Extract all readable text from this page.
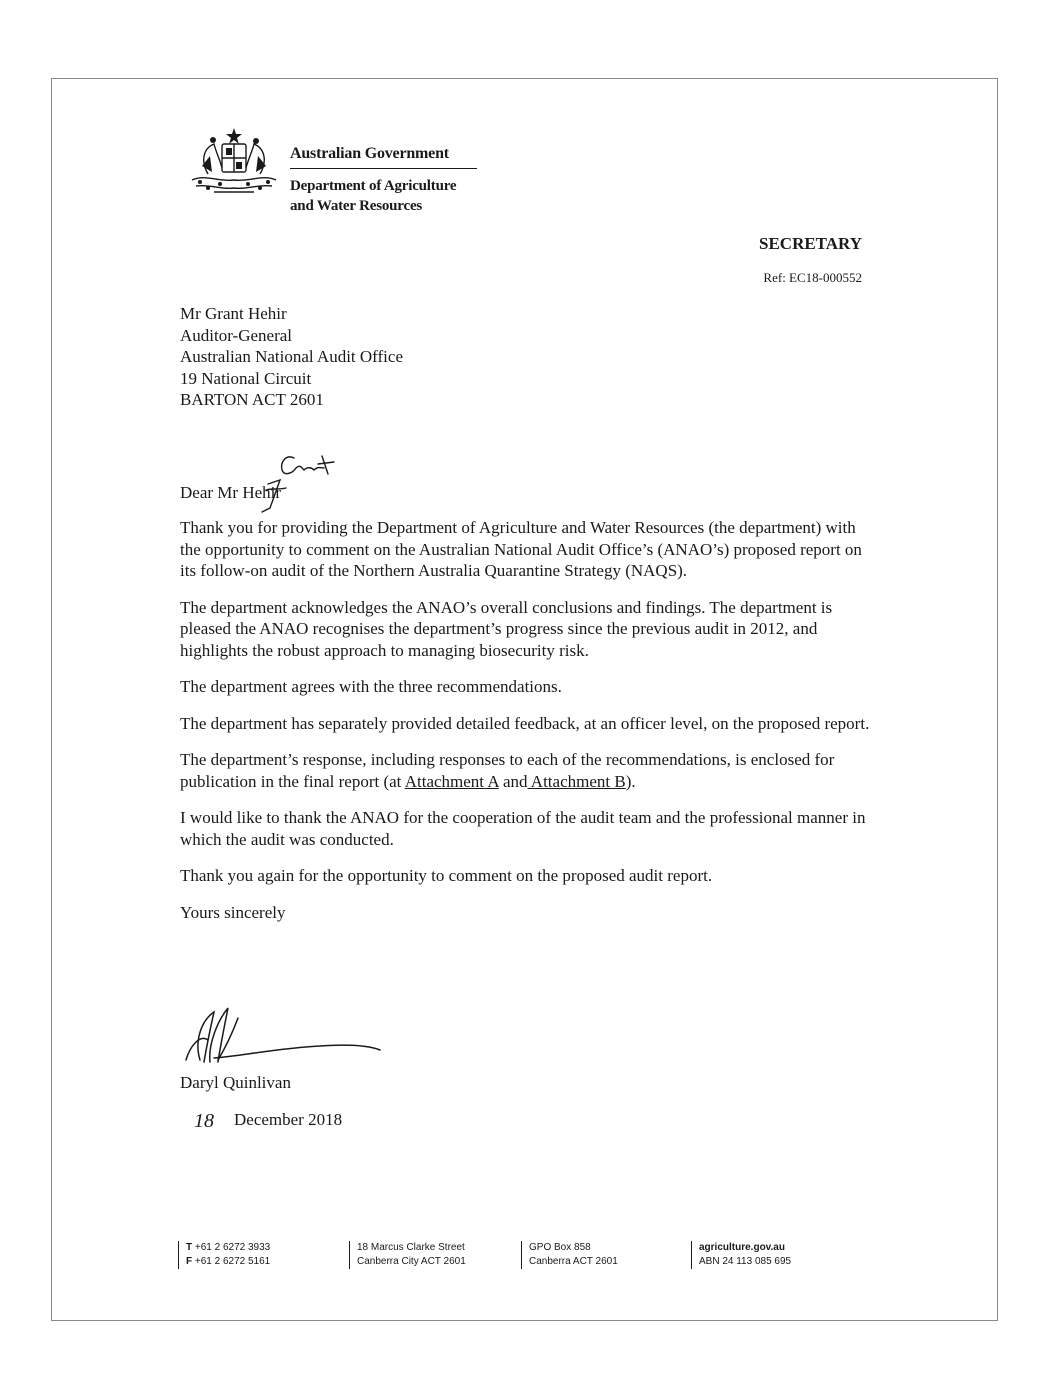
Australian Government
Department of Agriculture
and Water Resources
SECRETARY
Ref: EC18-000552
Mr Grant Hehir
Auditor-General
Australian National Audit Office
19 National Circuit
BARTON ACT 2601
Dear Mr Hehir

Thank you for providing the Department of Agriculture and Water Resources (the department) with the opportunity to comment on the Australian National Audit Office’s (ANAO’s) proposed report on its follow-on audit of the Northern Australia Quarantine Strategy (NAQS).

The department acknowledges the ANAO’s overall conclusions and findings. The department is pleased the ANAO recognises the department’s progress since the previous audit in 2012, and highlights the robust approach to managing biosecurity risk.

The department agrees with the three recommendations.

The department has separately provided detailed feedback, at an officer level, on the proposed report.

The department’s response, including responses to each of the recommendations, is enclosed for publication in the final report (at Attachment A and Attachment B).

I would like to thank the ANAO for the cooperation of the audit team and the professional manner in which the audit was conducted.

Thank you again for the opportunity to comment on the proposed audit report.

Yours sincerely

Daryl Quinlivan
18 December 2018
T +61 2 6272 3933
F +61 2 6272 5161
18 Marcus Clarke Street
Canberra City ACT 2601
GPO Box 858
Canberra ACT 2601
agriculture.gov.au
ABN 24 113 085 695
